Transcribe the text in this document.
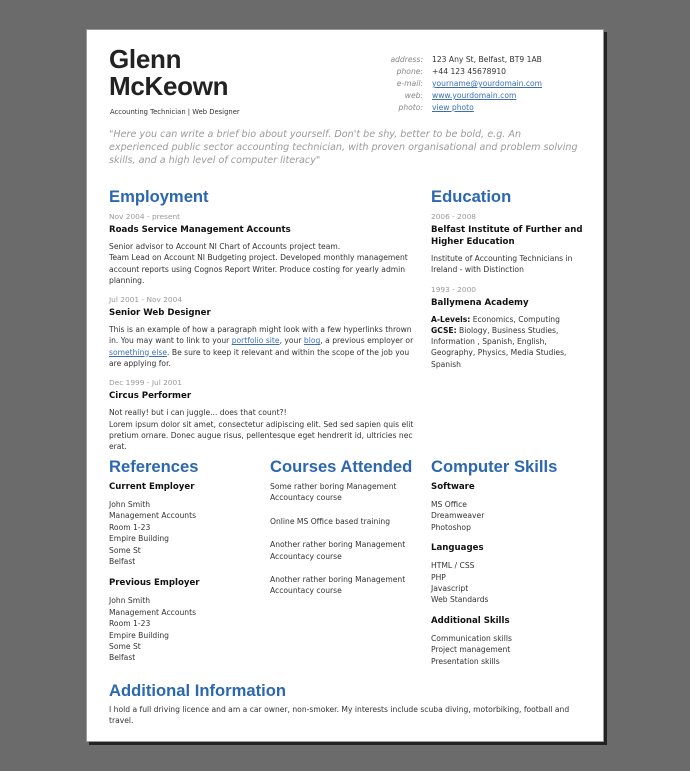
Glenn
McKeown
Accounting Technician | Web Designer
address:	123 Any St, Belfast, BT9 1AB
phone:	+44 123 45678910
e-mail:	yourname@yourdomain.com
web:	www.yourdomain.com
photo:	view photo
"Here you can write a brief bio about yourself. Don't be shy, better to be bold, e.g. An experienced public sector accounting technician, with proven organisational and problem solving skills, and a high level of computer literacy"
Employment
Nov 2004 - present
Roads Service Management Accounts
Senior advisor to Account NI Chart of Accounts project team.
Team Lead on Account NI Budgeting project. Developed monthly management account reports using Cognos Report Writer. Produce costing for yearly admin planning.
Jul 2001 - Nov 2004
Senior Web Designer
This is an example of how a paragraph might look with a few hyperlinks thrown in. You may want to link to your portfolio site, your blog, a previous employer or something else. Be sure to keep it relevant and within the scope of the job you are applying for.
Dec 1999 - Jul 2001
Circus Performer
Not really! but i can juggle... does that count?!
Lorem ipsum dolor sit amet, consectetur adipiscing elit. Sed sed sapien quis elit pretium ornare. Donec augue risus, pellentesque eget hendrerit id, ultricies nec erat.
Education
2006 - 2008
Belfast Institute of Further and Higher Education
Institute of Accounting Technicians in Ireland - with Distinction
1993 - 2000
Ballymena Academy
A-Levels: Economics, Computing
GCSE: Biology, Business Studies, Information , Spanish, English, Geography, Physics, Media Studies, Spanish
References
Current Employer
John Smith
Management Accounts
Room 1-23
Empire Building
Some St
Belfast
Previous Employer
John Smith
Management Accounts
Room 1-23
Empire Building
Some St
Belfast
Courses Attended
Some rather boring Management Accountacy course
Online MS Office based training
Another rather boring Management Accountacy course
Another rather boring Management Accountacy course
Computer Skills
Software
MS Office
Dreamweaver
Photoshop
Languages
HTML / CSS
PHP
Javascript
Web Standards
Additional Skills
Communication skills
Project management
Presentation skills
Additional Information
I hold a full driving licence and am a car owner, non-smoker. My interests include scuba diving, motorbiking, football and travel.
